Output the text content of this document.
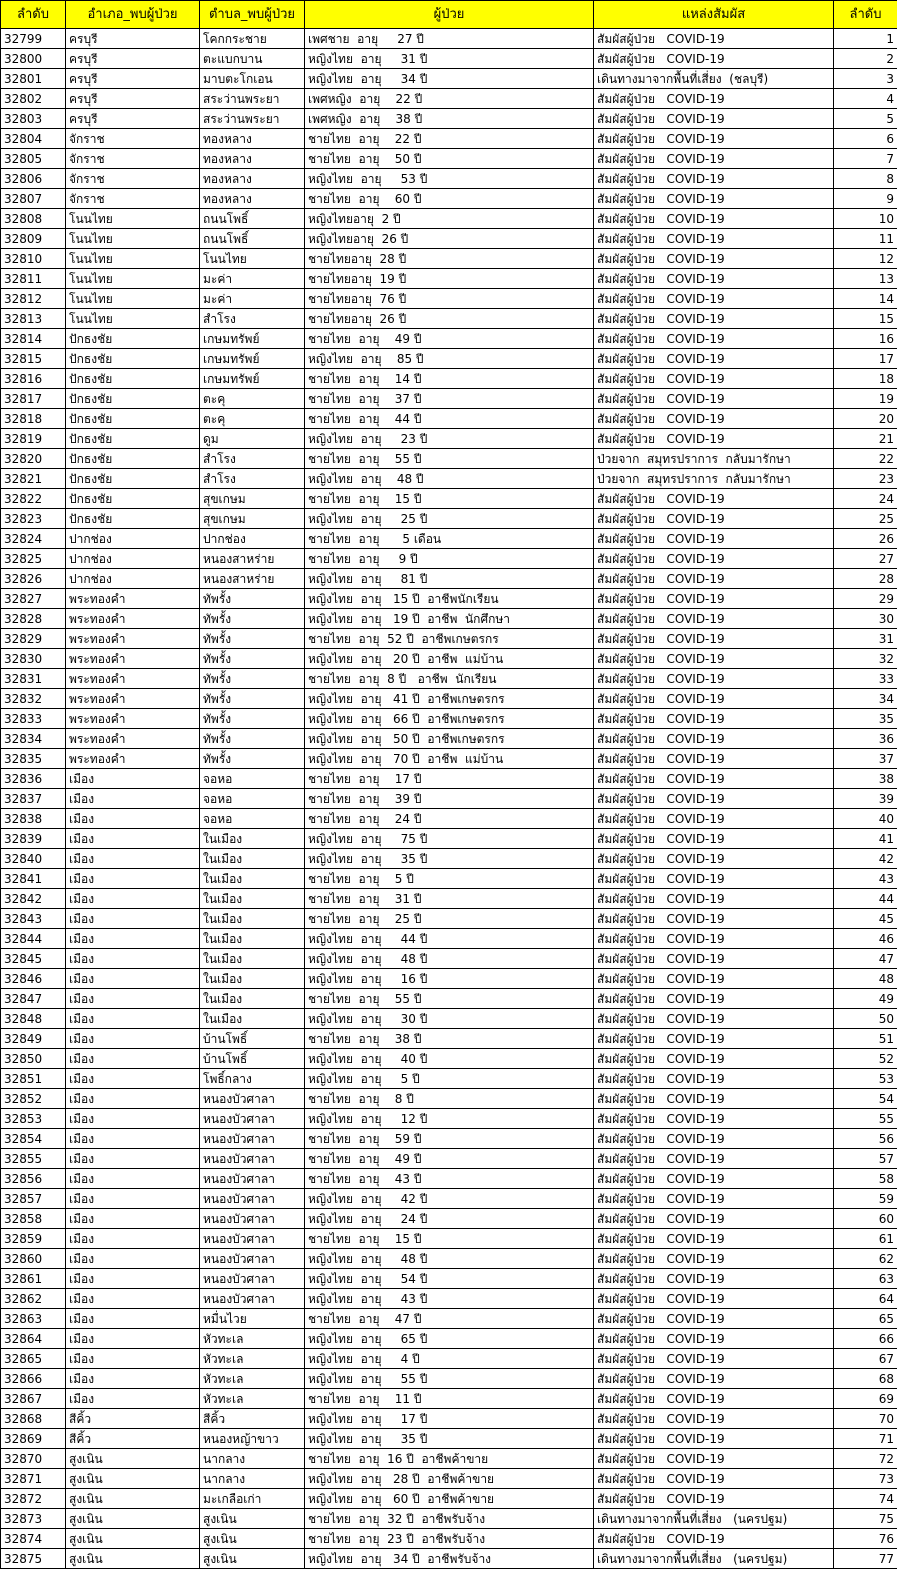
ลำดับ	อำเภอ_พบผู้ป่วย	ตำบล_พบผู้ป่วย	ผู้ป่วย	แหล่งสัมผัส	ลำดับ
32799	ครบุรี	โคกกระชาย	เพศชาย  อายุ     27 ปี	สัมผัสผู้ป่วย   COVID-19	1
32800	ครบุรี	ตะแบกบาน	หญิงไทย  อายุ     31 ปี	สัมผัสผู้ป่วย   COVID-19	2
32801	ครบุรี	มาบตะโกเอน	หญิงไทย  อายุ     34 ปี	เดินทางมาจากพื้นที่เสี่ยง  (ชลบุรี)	3
32802	ครบุรี	สระว่านพระยา	เพศหญิง  อายุ    22 ปี	สัมผัสผู้ป่วย   COVID-19	4
32803	ครบุรี	สระว่านพระยา	เพศหญิง  อายุ    38 ปี	สัมผัสผู้ป่วย   COVID-19	5
32804	จักราช	ทองหลาง	ชายไทย  อายุ    22 ปี	สัมผัสผู้ป่วย   COVID-19	6
32805	จักราช	ทองหลาง	ชายไทย  อายุ    50 ปี	สัมผัสผู้ป่วย   COVID-19	7
32806	จักราช	ทองหลาง	หญิงไทย  อายุ     53 ปี	สัมผัสผู้ป่วย   COVID-19	8
32807	จักราช	ทองหลาง	ชายไทย  อายุ    60 ปี	สัมผัสผู้ป่วย   COVID-19	9
32808	โนนไทย	ถนนโพธิ์	หญิงไทยอายุ  2 ปี	สัมผัสผู้ป่วย   COVID-19	10
32809	โนนไทย	ถนนโพธิ์	หญิงไทยอายุ  26 ปี	สัมผัสผู้ป่วย   COVID-19	11
32810	โนนไทย	โนนไทย	ชายไทยอายุ  28 ปี	สัมผัสผู้ป่วย   COVID-19	12
32811	โนนไทย	มะค่า	ชายไทยอายุ  19 ปี	สัมผัสผู้ป่วย   COVID-19	13
32812	โนนไทย	มะค่า	ชายไทยอายุ  76 ปี	สัมผัสผู้ป่วย   COVID-19	14
32813	โนนไทย	สำโรง	ชายไทยอายุ  26 ปี	สัมผัสผู้ป่วย   COVID-19	15
32814	ปักธงชัย	เกษมทรัพย์	ชายไทย  อายุ    49 ปี	สัมผัสผู้ป่วย   COVID-19	16
32815	ปักธงชัย	เกษมทรัพย์	หญิงไทย  อายุ    85 ปี	สัมผัสผู้ป่วย   COVID-19	17
32816	ปักธงชัย	เกษมทรัพย์	ชายไทย  อายุ    14 ปี	สัมผัสผู้ป่วย   COVID-19	18
32817	ปักธงชัย	ตะคุ	ชายไทย  อายุ    37 ปี	สัมผัสผู้ป่วย   COVID-19	19
32818	ปักธงชัย	ตะคุ	ชายไทย  อายุ    44 ปี	สัมผัสผู้ป่วย   COVID-19	20
32819	ปักธงชัย	ดูม	หญิงไทย  อายุ     23 ปี	สัมผัสผู้ป่วย   COVID-19	21
32820	ปักธงชัย	สำโรง	ชายไทย  อายุ    55 ปี	ป่วยจาก  สมุทรปราการ  กลับมารักษา	22
32821	ปักธงชัย	สำโรง	หญิงไทย  อายุ    48 ปี	ป่วยจาก  สมุทรปราการ  กลับมารักษา	23
32822	ปักธงชัย	สุขเกษม	ชายไทย  อายุ    15 ปี	สัมผัสผู้ป่วย   COVID-19	24
32823	ปักธงชัย	สุขเกษม	หญิงไทย  อายุ     25 ปี	สัมผัสผู้ป่วย   COVID-19	25
32824	ปากช่อง	ปากช่อง	ชายไทย  อายุ      5 เดือน	สัมผัสผู้ป่วย   COVID-19	26
32825	ปากช่อง	หนองสาหร่าย	ชายไทย  อายุ     9 ปี	สัมผัสผู้ป่วย   COVID-19	27
32826	ปากช่อง	หนองสาหร่าย	หญิงไทย  อายุ     81 ปี	สัมผัสผู้ป่วย   COVID-19	28
32827	พระทองคำ	ทัพรั้ง	หญิงไทย  อายุ   15 ปี  อาชีพนักเรียน	สัมผัสผู้ป่วย   COVID-19	29
32828	พระทองคำ	ทัพรั้ง	หญิงไทย  อายุ   19 ปี  อาชีพ  นักศึกษา	สัมผัสผู้ป่วย   COVID-19	30
32829	พระทองคำ	ทัพรั้ง	ชายไทย  อายุ  52 ปี  อาชีพเกษตรกร	สัมผัสผู้ป่วย   COVID-19	31
32830	พระทองคำ	ทัพรั้ง	หญิงไทย  อายุ   20 ปี  อาชีพ  แม่บ้าน	สัมผัสผู้ป่วย   COVID-19	32
32831	พระทองคำ	ทัพรั้ง	ชายไทย  อายุ  8 ปี   อาชีพ  นักเรียน	สัมผัสผู้ป่วย   COVID-19	33
32832	พระทองคำ	ทัพรั้ง	หญิงไทย  อายุ   41 ปี  อาชีพเกษตรกร	สัมผัสผู้ป่วย   COVID-19	34
32833	พระทองคำ	ทัพรั้ง	หญิงไทย  อายุ   66 ปี  อาชีพเกษตรกร	สัมผัสผู้ป่วย   COVID-19	35
32834	พระทองคำ	ทัพรั้ง	หญิงไทย  อายุ   50 ปี  อาชีพเกษตรกร	สัมผัสผู้ป่วย   COVID-19	36
32835	พระทองคำ	ทัพรั้ง	หญิงไทย  อายุ   70 ปี  อาชีพ  แม่บ้าน	สัมผัสผู้ป่วย   COVID-19	37
32836	เมือง	จอหอ	ชายไทย  อายุ    17 ปี	สัมผัสผู้ป่วย   COVID-19	38
32837	เมือง	จอหอ	ชายไทย  อายุ    39 ปี	สัมผัสผู้ป่วย   COVID-19	39
32838	เมือง	จอหอ	ชายไทย  อายุ    24 ปี	สัมผัสผู้ป่วย   COVID-19	40
32839	เมือง	ในเมือง	หญิงไทย  อายุ     75 ปี	สัมผัสผู้ป่วย   COVID-19	41
32840	เมือง	ในเมือง	หญิงไทย  อายุ     35 ปี	สัมผัสผู้ป่วย   COVID-19	42
32841	เมือง	ในเมือง	ชายไทย  อายุ    5 ปี	สัมผัสผู้ป่วย   COVID-19	43
32842	เมือง	ในเมือง	ชายไทย  อายุ    31 ปี	สัมผัสผู้ป่วย   COVID-19	44
32843	เมือง	ในเมือง	ชายไทย  อายุ    25 ปี	สัมผัสผู้ป่วย   COVID-19	45
32844	เมือง	ในเมือง	หญิงไทย  อายุ     44 ปี	สัมผัสผู้ป่วย   COVID-19	46
32845	เมือง	ในเมือง	หญิงไทย  อายุ     48 ปี	สัมผัสผู้ป่วย   COVID-19	47
32846	เมือง	ในเมือง	หญิงไทย  อายุ     16 ปี	สัมผัสผู้ป่วย   COVID-19	48
32847	เมือง	ในเมือง	ชายไทย  อายุ    55 ปี	สัมผัสผู้ป่วย   COVID-19	49
32848	เมือง	ในเมือง	หญิงไทย  อายุ     30 ปี	สัมผัสผู้ป่วย   COVID-19	50
32849	เมือง	บ้านโพธิ์	ชายไทย  อายุ    38 ปี	สัมผัสผู้ป่วย   COVID-19	51
32850	เมือง	บ้านโพธิ์	หญิงไทย  อายุ     40 ปี	สัมผัสผู้ป่วย   COVID-19	52
32851	เมือง	โพธิ์กลาง	หญิงไทย  อายุ     5 ปี	สัมผัสผู้ป่วย   COVID-19	53
32852	เมือง	หนองบัวศาลา	ชายไทย  อายุ    8 ปี	สัมผัสผู้ป่วย   COVID-19	54
32853	เมือง	หนองบัวศาลา	หญิงไทย  อายุ     12 ปี	สัมผัสผู้ป่วย   COVID-19	55
32854	เมือง	หนองบัวศาลา	ชายไทย  อายุ    59 ปี	สัมผัสผู้ป่วย   COVID-19	56
32855	เมือง	หนองบัวศาลา	ชายไทย  อายุ    49 ปี	สัมผัสผู้ป่วย   COVID-19	57
32856	เมือง	หนองบัวศาลา	ชายไทย  อายุ    43 ปี	สัมผัสผู้ป่วย   COVID-19	58
32857	เมือง	หนองบัวศาลา	หญิงไทย  อายุ     42 ปี	สัมผัสผู้ป่วย   COVID-19	59
32858	เมือง	หนองบัวศาลา	หญิงไทย  อายุ     24 ปี	สัมผัสผู้ป่วย   COVID-19	60
32859	เมือง	หนองบัวศาลา	ชายไทย  อายุ    15 ปี	สัมผัสผู้ป่วย   COVID-19	61
32860	เมือง	หนองบัวศาลา	หญิงไทย  อายุ     48 ปี	สัมผัสผู้ป่วย   COVID-19	62
32861	เมือง	หนองบัวศาลา	หญิงไทย  อายุ     54 ปี	สัมผัสผู้ป่วย   COVID-19	63
32862	เมือง	หนองบัวศาลา	หญิงไทย  อายุ     43 ปี	สัมผัสผู้ป่วย   COVID-19	64
32863	เมือง	หมื่นไวย	ชายไทย  อายุ    47 ปี	สัมผัสผู้ป่วย   COVID-19	65
32864	เมือง	หัวทะเล	หญิงไทย  อายุ     65 ปี	สัมผัสผู้ป่วย   COVID-19	66
32865	เมือง	หัวทะเล	หญิงไทย  อายุ     4 ปี	สัมผัสผู้ป่วย   COVID-19	67
32866	เมือง	หัวทะเล	หญิงไทย  อายุ     55 ปี	สัมผัสผู้ป่วย   COVID-19	68
32867	เมือง	หัวทะเล	ชายไทย  อายุ    11 ปี	สัมผัสผู้ป่วย   COVID-19	69
32868	สีคิ้ว	สีคิ้ว	หญิงไทย  อายุ     17 ปี	สัมผัสผู้ป่วย   COVID-19	70
32869	สีคิ้ว	หนองหญ้าขาว	หญิงไทย  อายุ     35 ปี	สัมผัสผู้ป่วย   COVID-19	71
32870	สูงเนิน	นากลาง	ชายไทย  อายุ  16 ปี  อาชีพค้าขาย	สัมผัสผู้ป่วย   COVID-19	72
32871	สูงเนิน	นากลาง	หญิงไทย  อายุ   28 ปี  อาชีพค้าขาย	สัมผัสผู้ป่วย   COVID-19	73
32872	สูงเนิน	มะเกลือเก่า	หญิงไทย  อายุ   60 ปี  อาชีพค้าขาย	สัมผัสผู้ป่วย   COVID-19	74
32873	สูงเนิน	สูงเนิน	ชายไทย  อายุ  32 ปี  อาชีพรับจ้าง	เดินทางมาจากพื้นที่เสี่ยง   (นครปฐม)	75
32874	สูงเนิน	สูงเนิน	ชายไทย  อายุ  23 ปี  อาชีพรับจ้าง	สัมผัสผู้ป่วย   COVID-19	76
32875	สูงเนิน	สูงเนิน	หญิงไทย  อายุ   34 ปี  อาชีพรับจ้าง	เดินทางมาจากพื้นที่เสี่ยง   (นครปฐม)	77
